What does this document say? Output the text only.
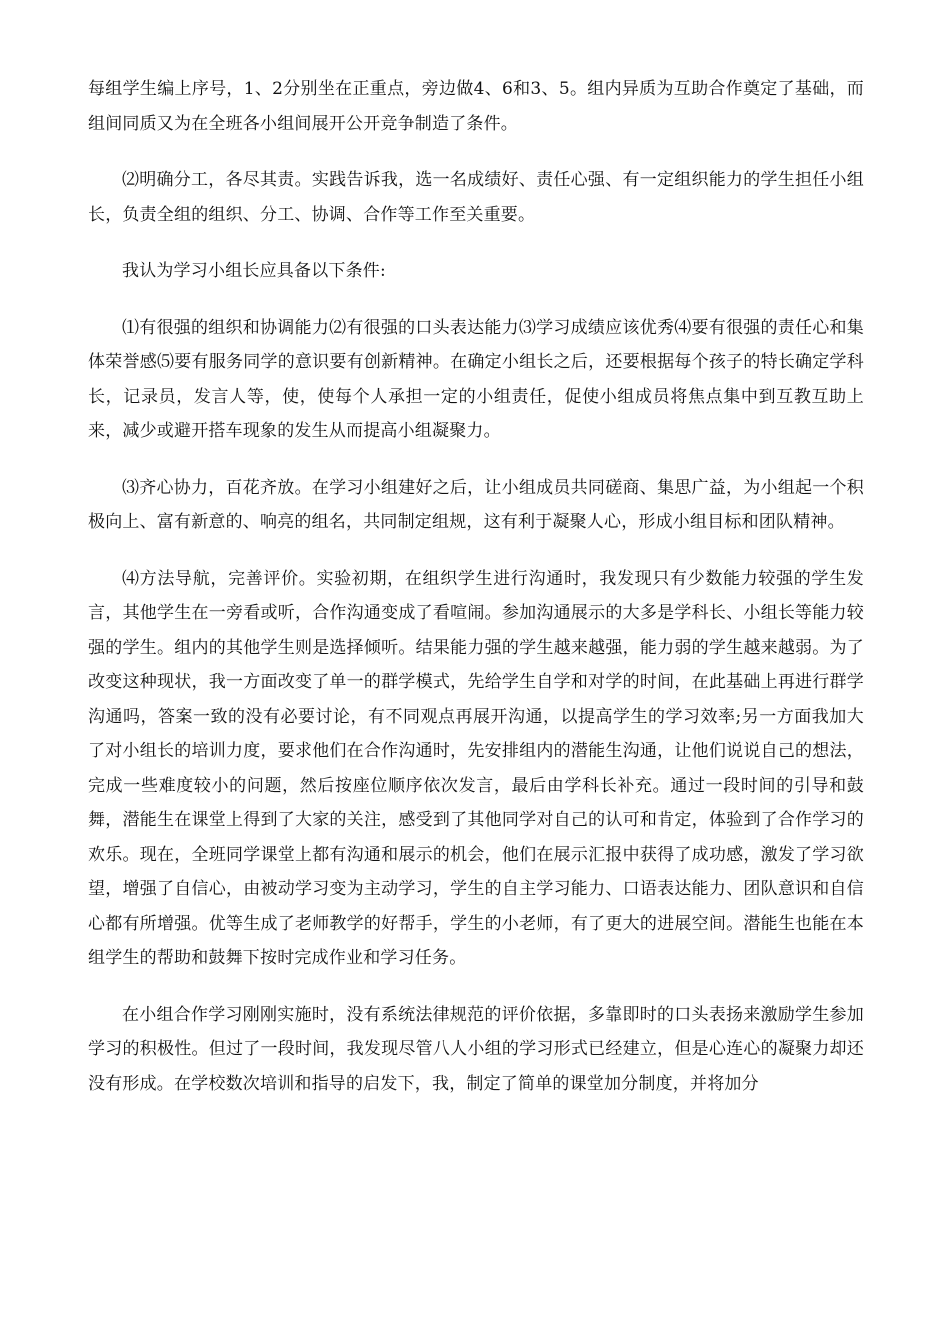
每组学生编上序号，1、2分别坐在正重点，旁边做4、6和3、5。组内异质为互助合作奠定了基础，而组间同质又为在全班各小组间展开公开竞争制造了条件。

⑵明确分工，各尽其责。实践告诉我，选一名成绩好、责任心强、有一定组织能力的学生担任小组长，负责全组的组织、分工、协调、合作等工作至关重要。

我认为学习小组长应具备以下条件:

⑴有很强的组织和协调能力⑵有很强的口头表达能力⑶学习成绩应该优秀⑷要有很强的责任心和集体荣誉感⑸要有服务同学的意识要有创新精神。在确定小组长之后，还要根据每个孩子的特长确定学科长，记录员，发言人等，使，使每个人承担一定的小组责任，促使小组成员将焦点集中到互教互助上来，减少或避开搭车现象的发生从而提高小组凝聚力。

⑶齐心协力，百花齐放。在学习小组建好之后，让小组成员共同磋商、集思广益，为小组起一个积极向上、富有新意的、响亮的组名，共同制定组规，这有利于凝聚人心，形成小组目标和团队精神。

⑷方法导航，完善评价。实验初期，在组织学生进行沟通时，我发现只有少数能力较强的学生发言，其他学生在一旁看或听，合作沟通变成了看喧闹。参加沟通展示的大多是学科长、小组长等能力较强的学生。组内的其他学生则是选择倾听。结果能力强的学生越来越强，能力弱的学生越来越弱。为了改变这种现状，我一方面改变了单一的群学模式，先给学生自学和对学的时间，在此基础上再进行群学沟通吗，答案一致的没有必要讨论，有不同观点再展开沟通，以提高学生的学习效率;另一方面我加大了对小组长的培训力度，要求他们在合作沟通时，先安排组内的潜能生沟通，让他们说说自己的想法，完成一些难度较小的问题，然后按座位顺序依次发言，最后由学科长补充。通过一段时间的引导和鼓舞，潜能生在课堂上得到了大家的关注，感受到了其他同学对自己的认可和肯定，体验到了合作学习的欢乐。现在，全班同学课堂上都有沟通和展示的机会，他们在展示汇报中获得了成功感，激发了学习欲望，增强了自信心，由被动学习变为主动学习，学生的自主学习能力、口语表达能力、团队意识和自信心都有所增强。优等生成了老师教学的好帮手，学生的小老师，有了更大的进展空间。潜能生也能在本组学生的帮助和鼓舞下按时完成作业和学习任务。

在小组合作学习刚刚实施时，没有系统法律规范的评价依据，多靠即时的口头表扬来激励学生参加学习的积极性。但过了一段时间，我发现尽管八人小组的学习形式已经建立，但是心连心的凝聚力却还没有形成。在学校数次培训和指导的启发下，我，制定了简单的课堂加分制度，并将加分
